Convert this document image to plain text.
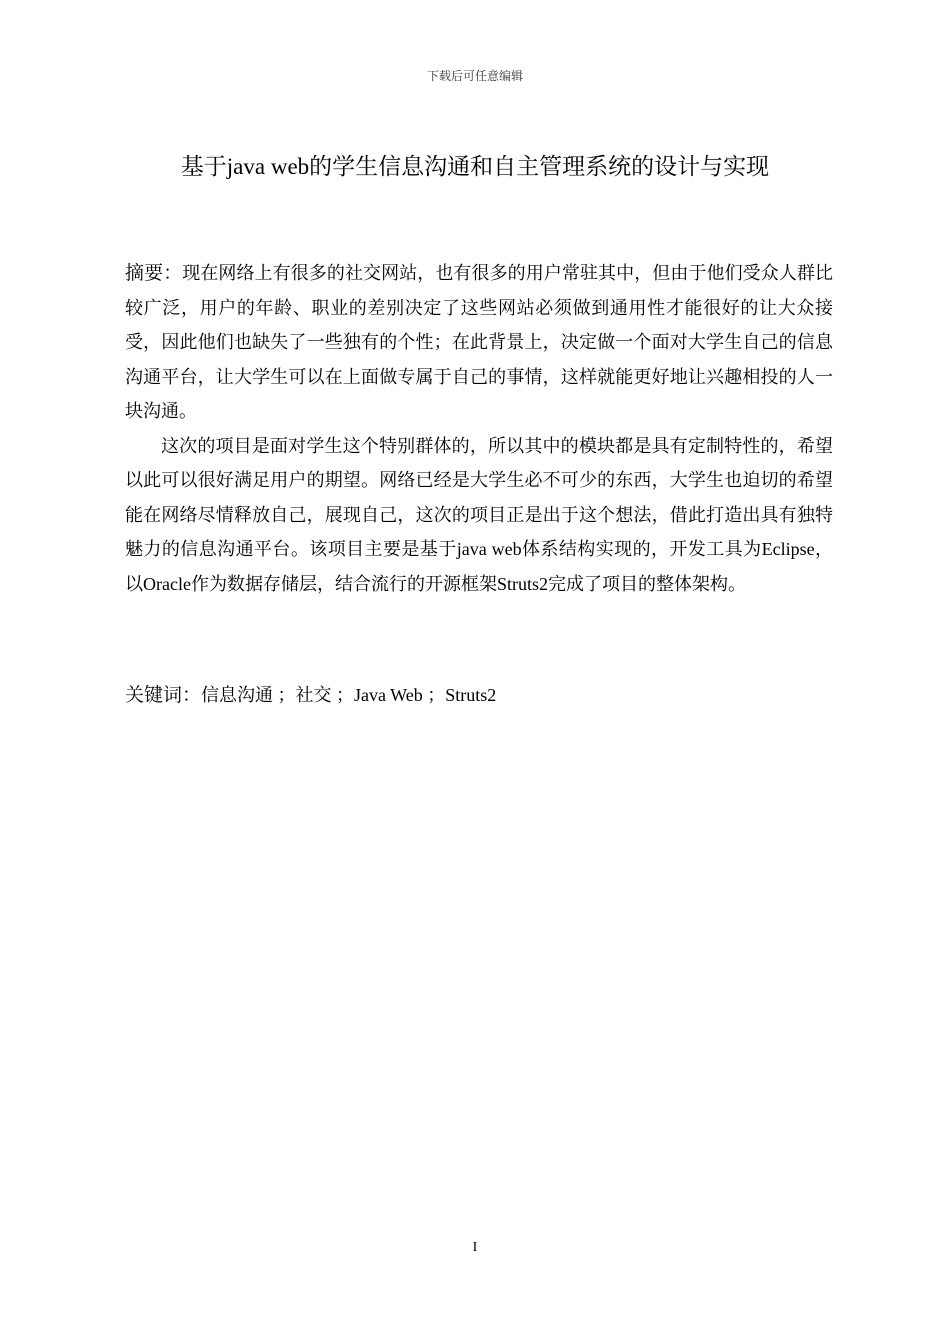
下载后可任意编辑
基于java web的学生信息沟通和自主管理系统的设计与实现

摘要：现在网络上有很多的社交网站，也有很多的用户常驻其中，但由于他们受众人群比较广泛，用户的年龄、职业的差别决定了这些网站必须做到通用性才能很好的让大众接受，因此他们也缺失了一些独有的个性；在此背景上，决定做一个面对大学生自己的信息沟通平台，让大学生可以在上面做专属于自己的事情，这样就能更好地让兴趣相投的人一块沟通。

这次的项目是面对学生这个特别群体的，所以其中的模块都是具有定制特性的，希望以此可以很好满足用户的期望。网络已经是大学生必不可少的东西，大学生也迫切的希望能在网络尽情释放自己，展现自己，这次的项目正是出于这个想法，借此打造出具有独特魅力的信息沟通平台。该项目主要是基于java web体系结构实现的，开发工具为Eclipse，以Oracle作为数据存储层，结合流行的开源框架Struts2完成了项目的整体架构。

关键词：信息沟通 ；社交 ；Java Web ；Struts2
I
